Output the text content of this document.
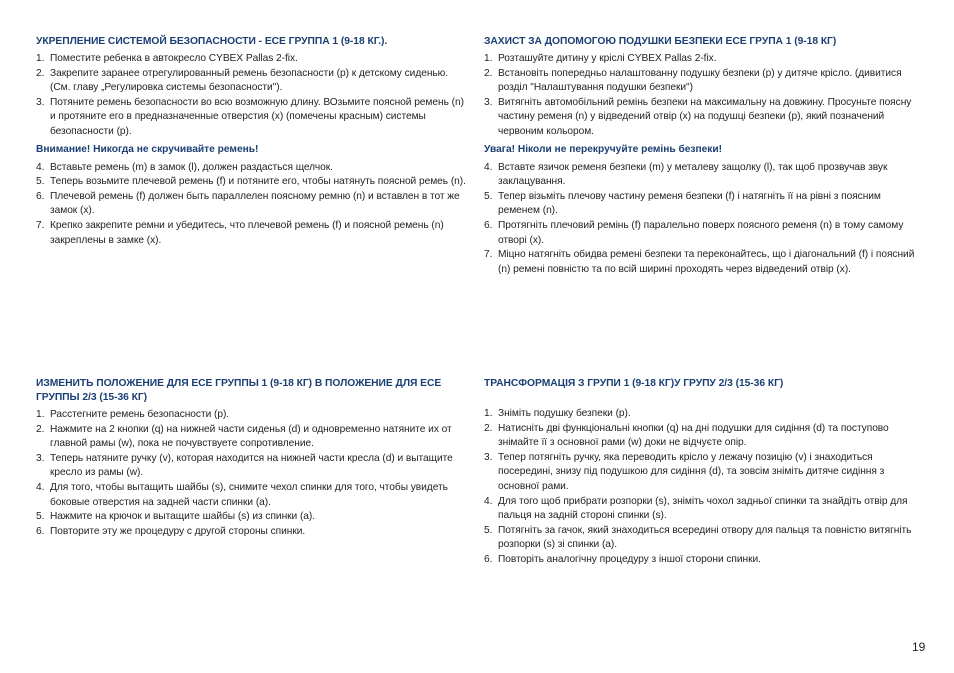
УКРЕПЛЕНИЕ СИСТЕМОЙ БЕЗОПАСНОСТИ - ECE ГРУППА 1 (9-18 КГ.).
1. Поместите ребенка в автокресло CYBEX Pallas 2-fix.
2. Закрепите заранее отрегулированный ремень безопасности (p) к детскому сиденью. (См. главу „Регулировка системы безопасности").
3. Потяните ремень безопасности во всю возможную длину. ВОзьмите поясной ремень (n) и протяните его в предназначенные отверстия (x) (помечены красным) системы безопасности (p).
Внимание! Никогда не скручивайте ремень!
4. Вставьте ремень (m) в замок (l), должен раздасться щелчок.
5. Теперь возьмите плечевой ремень (f) и потяните его, чтобы натянуть поясной ремеь (n).
6. Плечевой ремень (f) должен быть параллелен поясному ремню (n) и вставлен в тот же замок (x).
7. Крепко закрепите ремни и убедитесь, что плечевой ремень (f) и поясной ремень (n) закреплены в замке (x).
ЗАХИСТ ЗА ДОПОМОГОЮ ПОДУШКИ БЕЗПЕКИ ECE ГРУПА 1 (9-18 КГ)
1. Розташуйте дитину у кріслі CYBEX Pallas 2-fix.
2. Встановіть попередньо налаштованну подушку безпеки (p) у дитяче крісло. (дивитися розділ "Налаштування подушки безпеки")
3. Витягніть автомобільний ремінь безпеки на максимальну на довжину. Просуньте поясну частину ременя (n) у відведений отвір (x) на подушці безпеки (p), який позначений червоним кольором.
Увага! Ніколи не перекручуйте ремінь безпеки!
4. Вставте язичок ременя безпеки (m) у металеву защолку (l), так щоб прозвучав звук заклацування.
5. Тепер візьміть плечову частину ременя безпеки (f) і натягніть її на рівні з поясним ременем (n).
6. Протягніть плечовий ремінь (f) паралельно поверх поясного ременя (n) в тому самому отворі (x).
7. Міцно натягніть обидва ремені безпеки та переконайтесь, що і діагональний (f) і поясний (n) ремені повністю та по всій ширині проходять через відведений отвір (x).
ИЗМЕНИТЬ ПОЛОЖЕНИЕ ДЛЯ ECE ГРУППЫ 1 (9-18 КГ) В ПОЛОЖЕНИЕ ДЛЯ ECE ГРУППЫ 2/3 (15-36 КГ)
1. Расстегните ремень безопасности (p).
2. Нажмите на 2 кнопки (q) на нижней части сиденья (d) и одновременно натяните их от главной рамы (w), пока не почувствуете сопротивление.
3. Теперь натяните ручку (v), которая находится на нижней части кресла (d) и вытащите кресло из рамы (w).
4. Для того, чтобы вытащить шайбы (s), снимите чехол спинки для того, чтобы увидеть боковые отверстия на задней части спинки (a).
5. Нажмите на крючок и вытащите шайбы (s) из спинки (a).
6. Повторите эту же процедуру с другой стороны спинки.
ТРАНСФОРМАЦІЯ З ГРУПИ 1 (9-18 КГ)У ГРУПУ 2/3 (15-36 КГ)
1. Зніміть подушку безпеки (p).
2. Натисніть дві функціональні кнопки (q) на дні подушки для сидіння (d) та поступово знімайте її з основної рами (w) доки не відчуєте опір.
3. Тепер потягніть ручку, яка переводить крісло у лежачу позицію (v) і знаходиться посередині, знизу під подушкою для сидіння (d), та зовсім зніміть дитяче сидіння з основної рами.
4. Для того щоб прибрати розпорки (s), зніміть чохол задньої спинки та знайдіть отвір для пальця на задній стороні спинки (s).
5. Потягніть за гачок, який знаходиться всередині отвору для пальця та повністю витягніть розпорки (s) зі спинки (a).
6. Повторіть аналогічну процедуру з іншої сторони спинки.
19
